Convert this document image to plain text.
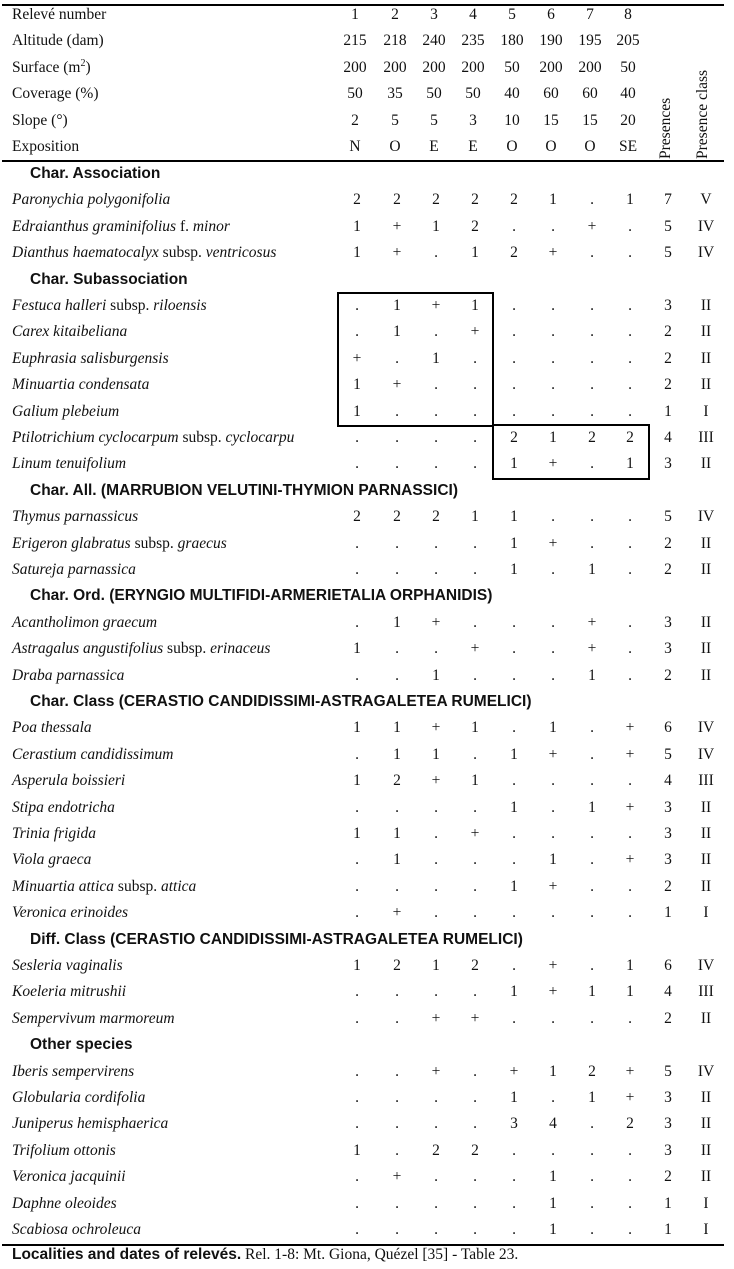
Relevé number	1	2	3	4	5	6	7	8
Altitude (dam)	215 218 240 235 180 190 195 205
Surface $(m^2)$	200 200 200 200 50 200 200 50
Coverage (%)	50 35 50 50 40 60 60 40
Slope (°)	2	5	5	3	10 15 15 20
Exposition	N	O	E	E	O	O	O	SE Presences Presence class
Char. Association
Paronychia polygonifolia	2	2	2	2	2	1	.	1	7	V
Edraianthus graminifolius f. minor	1	+	1	2	.	.	+	.	5	IV
Dianthus haematocalyx subsp. ventricosus	1	+	.	1	2	+	.	.	5	IV
Char. Subassociation
Festuca halleri subsp. riloensis	.	1	+	1	.	.	.	.	3	II
Carex kitaibeliana	.	1	.	+	.	.	.	.	2	II
Euphrasia salisburgensis	+	.	1	.	.	.	.	.	2	II
Minuartia condensata	1	+	.	.	.	.	.	.	2	II
Galium plebeium	1	.	.	.	.	.	.	.	1	I
Ptilotrichium cyclocarpum subsp. cyclocarpu	.	.	.	.	2	1	2	2	4	III
Linum tenuifolium	.	.	.	.	1	+	.	1	3	II
Char. All. (MARRUBION VELUTINI-THYMION PARNASSICI)
Thymus parnassicus	2	2	2	1	1	.	.	.	5	IV
Erigeron glabratus subsp. graecus	.	.	.	.	1	+	.	.	2	II
Satureja parnassica	.	.	.	.	1	.	1	.	2	II
Char. Ord. (ERYNGIO MULTIFIDI-ARMERIETALIA ORPHANIDIS)
Acantholimon graecum	.	1	+	.	.	.	+	.	3	II
Astragalus angustifolius subsp. erinaceus	1	.	.	+	.	.	+	.	3	II
Draba parnassica	.	.	1	.	.	.	1	.	2	II
Char. Class (CERASTIO CANDIDISSIMI-ASTRAGALETEA RUMELICI)
Poa thessala	1	1	+	1	.	1	.	+	6	IV
Cerastium candidissimum	.	1	1	.	1	+	.	+	5	IV
Asperula boissieri	1	2	+	1	.	.	.	.	4	III
Stipa endotricha	.	.	.	.	1	.	1	+	3	II
Trinia frigida	1	1	.	+	.	.	.	.	3	II
Viola graeca	.	1	.	.	.	1	.	+	3	II
Minuartia attica subsp. attica	.	.	.	.	1	+	.	.	2	II
Veronica erinoides	.	+	.	.	.	.	.	.	1	I
Diff. Class (CERASTIO CANDIDISSIMI-ASTRAGALETEA RUMELICI)
Sesleria vaginalis	1	2	1	2	.	+	.	1	6	IV
Koeleria mitrushii	.	.	.	.	1	+	1	1	4	III
Sempervivum marmoreum	.	.	+	+	.	.	.	.	2	II
Other species
Iberis sempervirens	.	.	+	.	+	1	2	+	5	IV
Globularia cordifolia	.	.	.	.	1	.	1	+	3	II
Juniperus hemisphaerica	.	.	.	.	3	4	.	2	3	II
Trifolium ottonis	1	.	2	2	.	.	.	.	3	II
Veronica jacquinii	.	+	.	.	.	1	.	.	2	II
Daphne oleoides	.	.	.	.	.	1	.	.	1	I
Scabiosa ochroleuca	.	.	.	.	.	1	.	.	1	I
Localities and dates of relevés. Rel. 1-8: Mt. Giona, Quézel [35] - Table 23.
